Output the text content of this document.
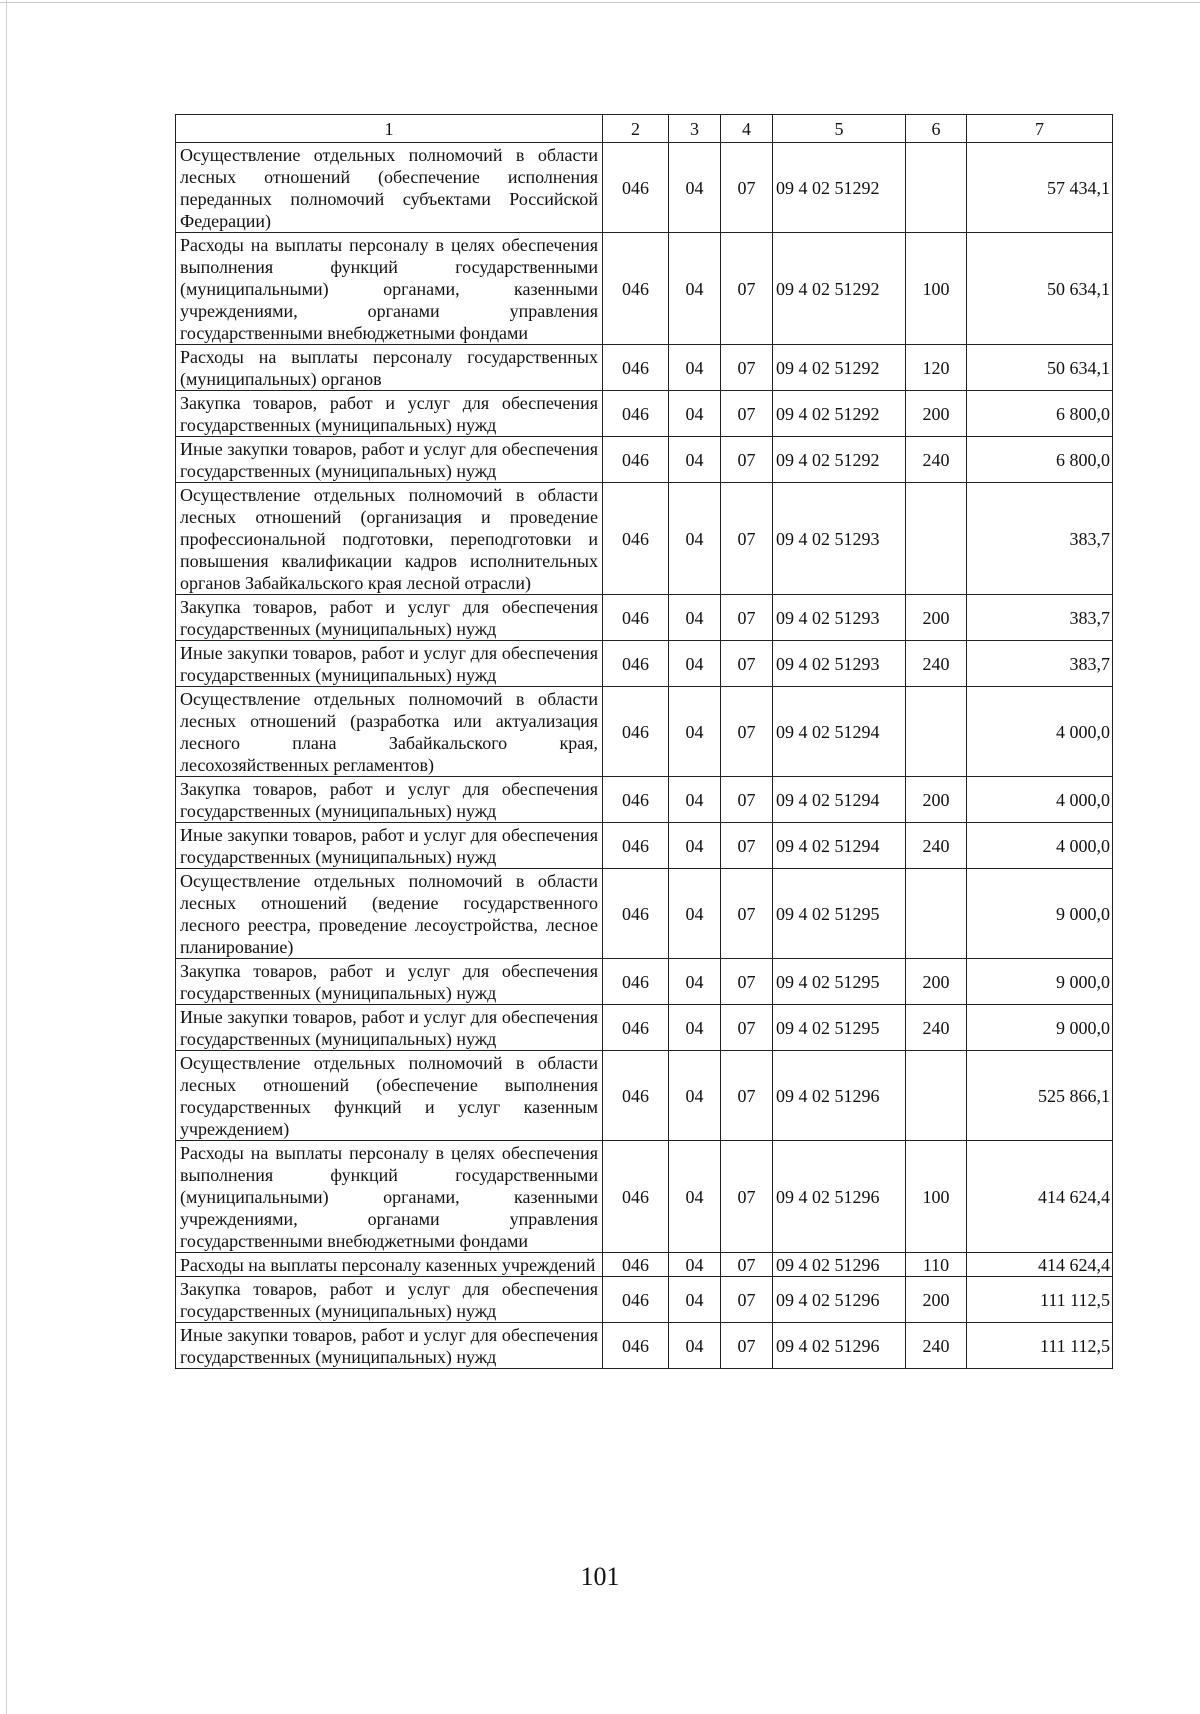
1	2	3	4	5	6	7
Осуществление отдельных полномочий в области лесных отношений (обеспечение исполнения переданных полномочий субъектами Российской Федерации)	046	04	07	09 4 02 51292		57 434,1
Расходы на выплаты персоналу в целях обеспечения выполнения функций государственными (муниципальными) органами, казенными учреждениями, органами управления государственными внебюджетными фондами	046	04	07	09 4 02 51292	100	50 634,1
Расходы на выплаты персоналу государственных (муниципальных) органов	046	04	07	09 4 02 51292	120	50 634,1
Закупка товаров, работ и услуг для обеспечения государственных (муниципальных) нужд	046	04	07	09 4 02 51292	200	6 800,0
Иные закупки товаров, работ и услуг для обеспечения государственных (муниципальных) нужд	046	04	07	09 4 02 51292	240	6 800,0
Осуществление отдельных полномочий в области лесных отношений (организация и проведение профессиональной подготовки, переподготовки и повышения квалификации кадров исполнительных органов Забайкальского края лесной отрасли)	046	04	07	09 4 02 51293		383,7
Закупка товаров, работ и услуг для обеспечения государственных (муниципальных) нужд	046	04	07	09 4 02 51293	200	383,7
Иные закупки товаров, работ и услуг для обеспечения государственных (муниципальных) нужд	046	04	07	09 4 02 51293	240	383,7
Осуществление отдельных полномочий в области лесных отношений (разработка или актуализация лесного плана Забайкальского края, лесохозяйственных регламентов)	046	04	07	09 4 02 51294		4 000,0
Закупка товаров, работ и услуг для обеспечения государственных (муниципальных) нужд	046	04	07	09 4 02 51294	200	4 000,0
Иные закупки товаров, работ и услуг для обеспечения государственных (муниципальных) нужд	046	04	07	09 4 02 51294	240	4 000,0
Осуществление отдельных полномочий в области лесных отношений (ведение государственного лесного реестра, проведение лесоустройства, лесное планирование)	046	04	07	09 4 02 51295		9 000,0
Закупка товаров, работ и услуг для обеспечения государственных (муниципальных) нужд	046	04	07	09 4 02 51295	200	9 000,0
Иные закупки товаров, работ и услуг для обеспечения государственных (муниципальных) нужд	046	04	07	09 4 02 51295	240	9 000,0
Осуществление отдельных полномочий в области лесных отношений (обеспечение выполнения государственных функций и услуг казенным учреждением)	046	04	07	09 4 02 51296		525 866,1
Расходы на выплаты персоналу в целях обеспечения выполнения функций государственными (муниципальными) органами, казенными учреждениями, органами управления государственными внебюджетными фондами	046	04	07	09 4 02 51296	100	414 624,4
Расходы на выплаты персоналу казенных учреждений	046	04	07	09 4 02 51296	110	414 624,4
Закупка товаров, работ и услуг для обеспечения государственных (муниципальных) нужд	046	04	07	09 4 02 51296	200	111 112,5
Иные закупки товаров, работ и услуг для обеспечения государственных (муниципальных) нужд	046	04	07	09 4 02 51296	240	111 112,5
101
